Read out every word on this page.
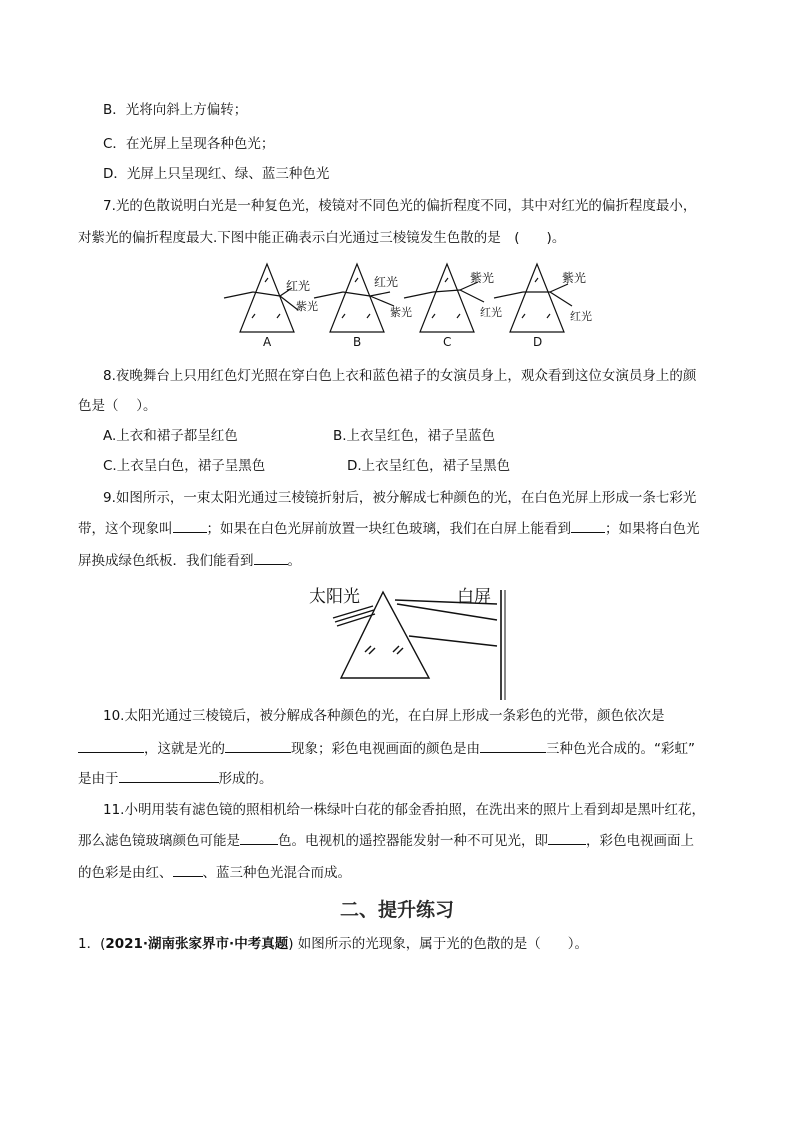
B．光将向斜上方偏转；
C．在光屏上呈现各种色光；
D．光屏上只呈现红、绿、蓝三种色光
7.光的色散说明白光是一种复色光，棱镜对不同色光的偏折程度不同，其中对红光的偏折程度最小，
对紫光的偏折程度最大.下图中能正确表示白光通过三棱镜发生色散的是　(　　)。
红光
紫光
红光
紫光
紫光
红光
紫光
红光
A	B	C	D
8.夜晚舞台上只用红色灯光照在穿白色上衣和蓝色裙子的女演员身上，观众看到这位女演员身上的颜
色是（　 ）。
A.上衣和裙子都呈红色	B.上衣呈红色，裙子呈蓝色
C.上衣呈白色，裙子呈黑色	D.上衣呈红色，裙子呈黑色
9.如图所示，一束太阳光通过三棱镜折射后，被分解成七种颜色的光，在白色光屏上形成一条七彩光
带，这个现象叫	；如果在白色光屏前放置一块红色玻璃，我们在白屏上能看到	；如果将白色光
屏换成绿色纸板．我们能看到	。
太阳光	白屏
10.太阳光通过三棱镜后，被分解成各种颜色的光，在白屏上形成一条彩色的光带，颜色依次是
，这就是光的	现象；彩色电视画面的颜色是由	三种色光合成的。“彩虹”
是由于	形成的。
11.小明用装有滤色镜的照相机给一株绿叶白花的郁金香拍照，在洗出来的照片上看到却是黑叶红花，
那么滤色镜玻璃颜色可能是	色。电视机的遥控器能发射一种不可见光，即	，彩色电视画面上
的色彩是由红、 、蓝三种色光混合而成。
二、提升练习
1．(2021·湖南张家界市·中考真题) 如图所示的光现象，属于光的色散的是（　　）。
